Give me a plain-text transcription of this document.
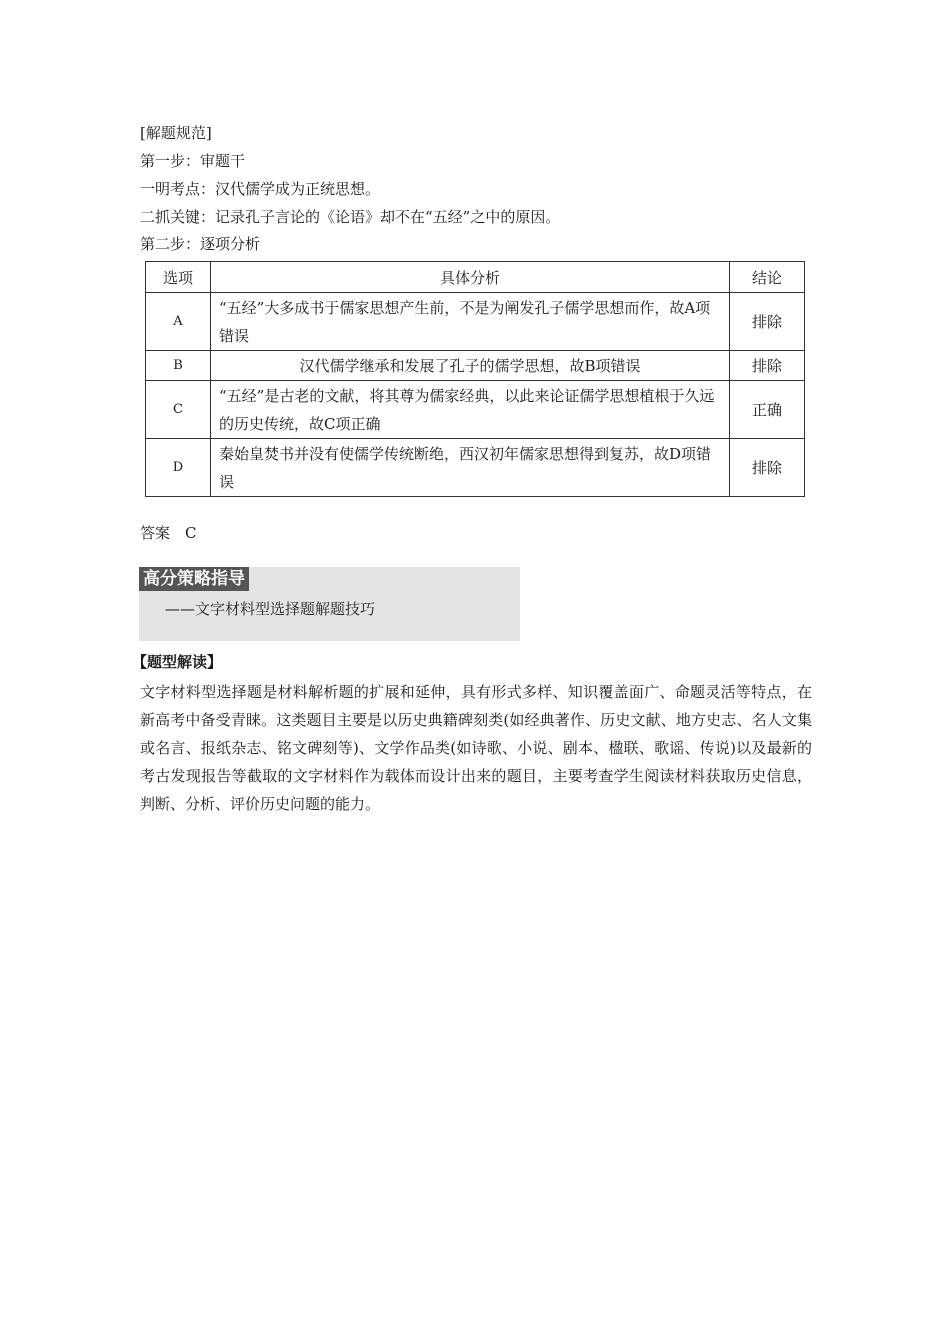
[解题规范]
第一步：审题干
一明考点：汉代儒学成为正统思想。
二抓关键：记录孔子言论的《论语》却不在“五经”之中的原因。
第二步：逐项分析
选项	具体分析	结论
A	“五经”大多成书于儒家思想产生前，不是为阐发孔子儒学思想而作，故A项错误	排除
B	汉代儒学继承和发展了孔子的儒学思想，故B项错误	排除
C	“五经”是古老的文献，将其尊为儒家经典，以此来论证儒学思想植根于久远的历史传统，故C项正确	正确
D	秦始皇焚书并没有使儒学传统断绝，西汉初年儒家思想得到复苏，故D项错误	排除
答案　C
高分策略指导
——文字材料型选择题解题技巧
【题型解读】
文字材料型选择题是材料解析题的扩展和延伸，具有形式多样、知识覆盖面广、命题灵活等特点，在新高考中备受青睐。这类题目主要是以历史典籍碑刻类(如经典著作、历史文献、地方史志、名人文集或名言、报纸杂志、铭文碑刻等)、文学作品类(如诗歌、小说、剧本、楹联、歌谣、传说)以及最新的考古发现报告等截取的文字材料作为载体而设计出来的题目，主要考查学生阅读材料获取历史信息，判断、分析、评价历史问题的能力。
